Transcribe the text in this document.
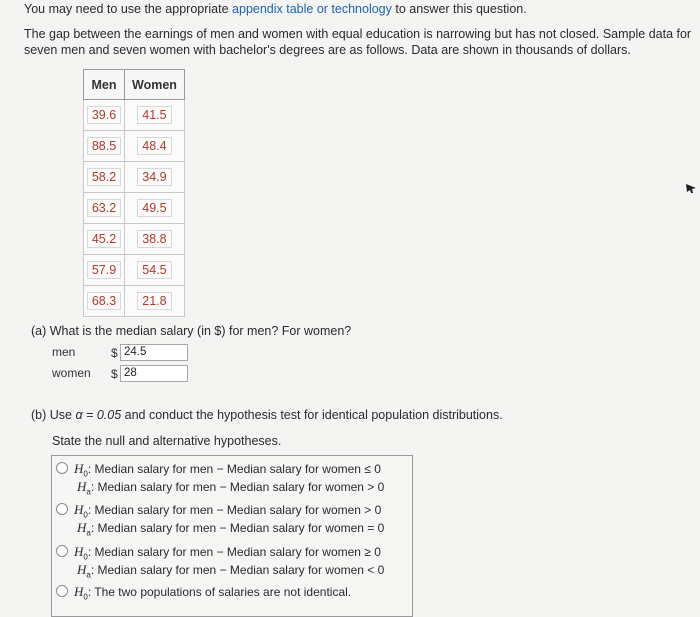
You may need to use the appropriate appendix table or technology to answer this question.
The gap between the earnings of men and women with equal education is narrowing but has not closed. Sample data for seven men and seven women with bachelor's degrees are as follows. Data are shown in thousands of dollars.
Men	Women
39.6	41.5
88.5	48.4
58.2	34.9
63.2	49.5
45.2	38.8
57.9	54.5
68.3	21.8
(a) What is the median salary (in $) for men? For women?
men	$ 24.5
women $ 28
(b) Use α = 0.05 and conduct the hypothesis test for identical population distributions.
State the null and alternative hypotheses.
$H_0$: Median salary for men − Median salary for women ≤ 0
$H_a$: Median salary for men − Median salary for women > 0
$H_0$: Median salary for men − Median salary for women > 0
$H_a$: Median salary for men − Median salary for women = 0
$H_0$: Median salary for men − Median salary for women ≥ 0
$H_a$: Median salary for men − Median salary for women < 0
$H_0$: The two populations of salaries are not identical.
